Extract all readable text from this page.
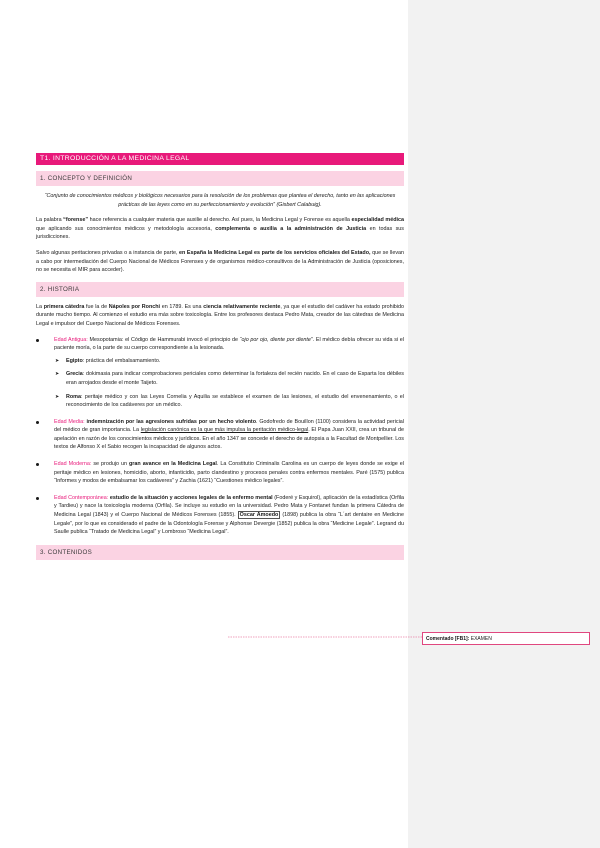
Comentado [FB1]: EXAMEN
T1. INTRODUCCIÓN A LA MEDICINA LEGAL
1. CONCEPTO Y DEFINICIÓN

“Conjunto de conocimientos médicos y biológicos necesarios para la resolución de los problemas que plantea el derecho, tanto en las aplicaciones prácticas de las leyes como en su perfeccionamiento y evolución” (Gisbert Calabuig).

La palabra “forense” hace referencia a cualquier materia que auxilie al derecho. Así pues, la Medicina Legal y Forense es aquella especialidad médica que aplicando sus conocimientos médicos y metodología accesoria, complementa o auxilia a la administración de Justicia en todas sus jurisdicciones.

Salvo algunas peritaciones privadas o a instancia de parte, en España la Medicina Legal es parte de los servicios oficiales del Estado, que se llevan a cabo por intermediación del Cuerpo Nacional de Médicos Forenses y de organismos médico-consultivos de la Administración de Justicia (oposiciones, no se necesita el MIR para acceder).

2. HISTORIA

La primera cátedra fue la de Nápoles por Ronchi en 1789. Es una ciencia relativamente reciente, ya que el estudio del cadáver ha estado prohibido durante mucho tiempo. Al comienzo el estudio era más sobre toxicología. Entre los profesores destaca Pedro Mata, creador de las cátedras de Medicina Legal e impulsor del Cuerpo Nacional de Médicos Forenses.

Edad Antigua: Mesopotamia: el Código de Hammurabi invocó el principio de “ojo por ojo, diente por diente”. El médico debía ofrecer su vida si el paciente moría, o la parte de su cuerpo correspondiente a la lesionada.

➤ Egipto: práctica del embalsamamiento.

➤ Grecia: dokimasia para indicar comprobaciones periciales como determinar la fortaleza del recién nacido. En el caso de Esparta los débiles eran arrojados desde el monte Taijeto.

➤ Roma: peritaje médico y con las Leyes Cornelia y Aquilia se establece el examen de las lesiones, el estudio del envenenamiento, o el reconocimiento de los cadáveres por un médico.

Edad Media: indemnización por las agresiones sufridas por un hecho violento. Godofredo de Bouillon (1100) considera la actividad pericial del médico de gran importancia. La legislación canónica es la que más impulsa la peritación médico-legal. El Papa Juan XXII, crea un tribunal de apelación en razón de los conocimientos médicos y jurídicos. En el año 1347 se concede el derecho de autopsia a la Facultad de Montpellier. Los textos de Alfonso X el Sabio recogen la incapacidad de algunos actos.

Edad Moderna: se produjo un gran avance en la Medicina Legal. La Constitutio Criminalis Carolina es un cuerpo de leyes donde se exige el peritaje médico en lesiones, homicidio, aborto, infanticidio, parto clandestino y procesos penales contra enfermos mentales. Paré (1575) publica “Informes y modos de embalsamar los cadáveres” y Zachia (1621) “Cuestiones médico legales”.

Edad Contemporánea: estudio de la situación y acciones legales de la enfermo mental (Foderé y Esquirol), aplicación de la estadística (Orfila y Tardieu) y nace la toxicología moderna (Orfila). Se incluye su estudio en la universidad. Pedro Mata y Fontanet fundan la primera Cátedra de Medicina Legal (1843) y el Cuerpo Nacional de Médicos Forenses (1855). Oscar Amoedo (1898) publica la obra “L´art dentaire en Medicine Legale”, por lo que es considerado el padre de la Odontología Forense y Alphonse Devergie (1852) publica la obra “Medicine Legale”. Legrand du Saulle publica “Tratado de Medicina Legal” y Lombroso “Medicina Legal”.

3. CONTENIDOS
